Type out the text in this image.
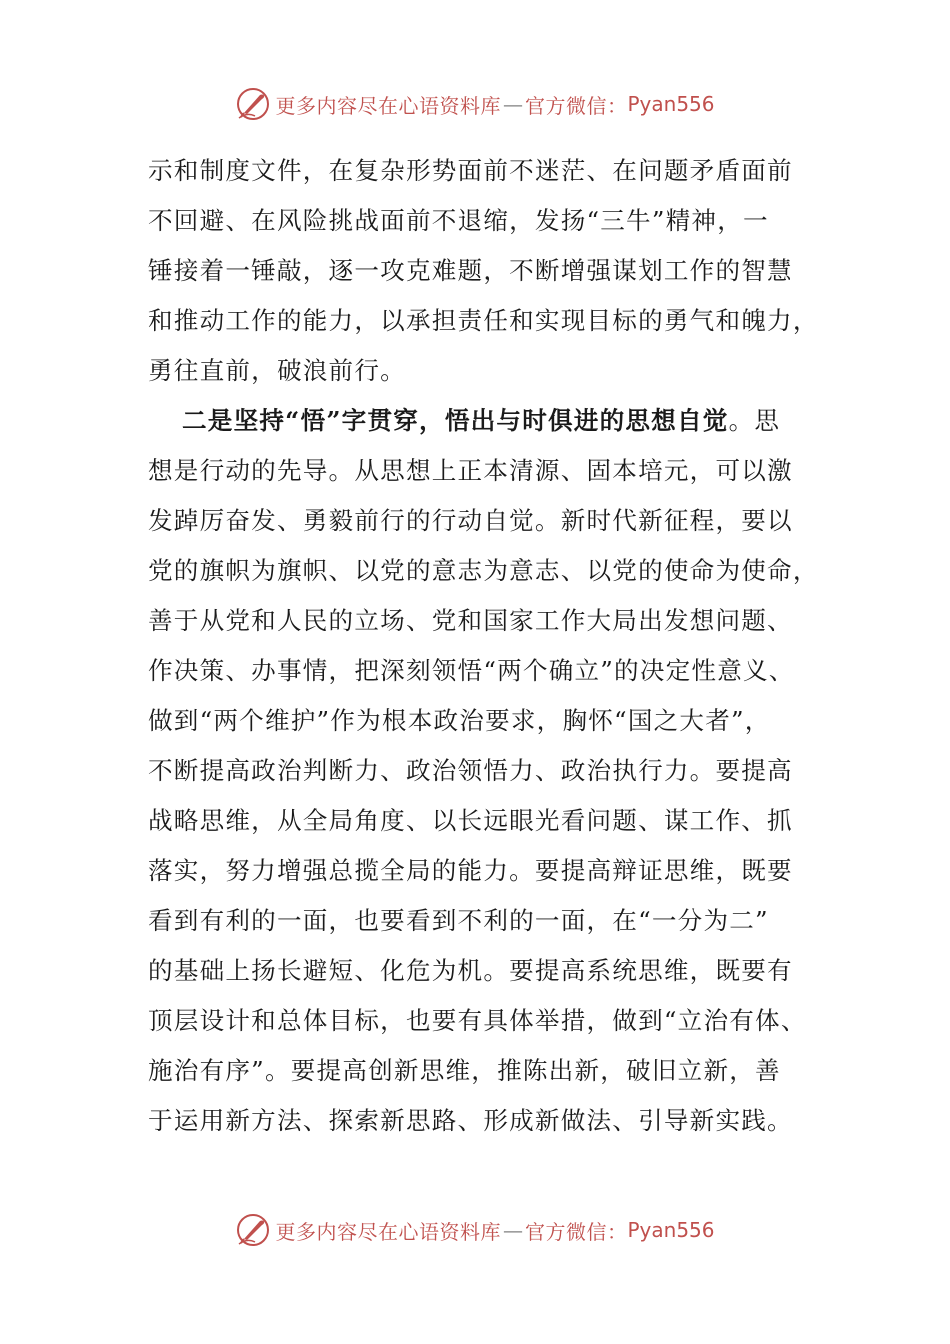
更多内容尽在心语资料库 — 官方微信： Pyan556
示和制度文件，在复杂形势面前不迷茫、在问题矛盾面前
不回避、在风险挑战面前不退缩，发扬“三牛”精神，一
锤接着一锤敲，逐一攻克难题，不断增强谋划工作的智慧
和推动工作的能力，以承担责任和实现目标的勇气和魄力，
勇往直前，破浪前行。
二是坚持“悟”字贯穿，悟出与时俱进的思想自觉。思
想是行动的先导。从思想上正本清源、固本培元，可以激
发踔厉奋发、勇毅前行的行动自觉。新时代新征程，要以
党的旗帜为旗帜、以党的意志为意志、以党的使命为使命，
善于从党和人民的立场、党和国家工作大局出发想问题、
作决策、办事情，把深刻领悟“两个确立”的决定性意义、
做到“两个维护”作为根本政治要求，胸怀“国之大者”，
不断提高政治判断力、政治领悟力、政治执行力。要提高
战略思维，从全局角度、以长远眼光看问题、谋工作、抓
落实，努力增强总揽全局的能力。要提高辩证思维，既要
看到有利的一面，也要看到不利的一面，在“一分为二”
的基础上扬长避短、化危为机。要提高系统思维，既要有
顶层设计和总体目标，也要有具体举措，做到“立治有体、
施治有序”。要提高创新思维，推陈出新，破旧立新，善
于运用新方法、探索新思路、形成新做法、引导新实践。
更多内容尽在心语资料库 — 官方微信： Pyan556
